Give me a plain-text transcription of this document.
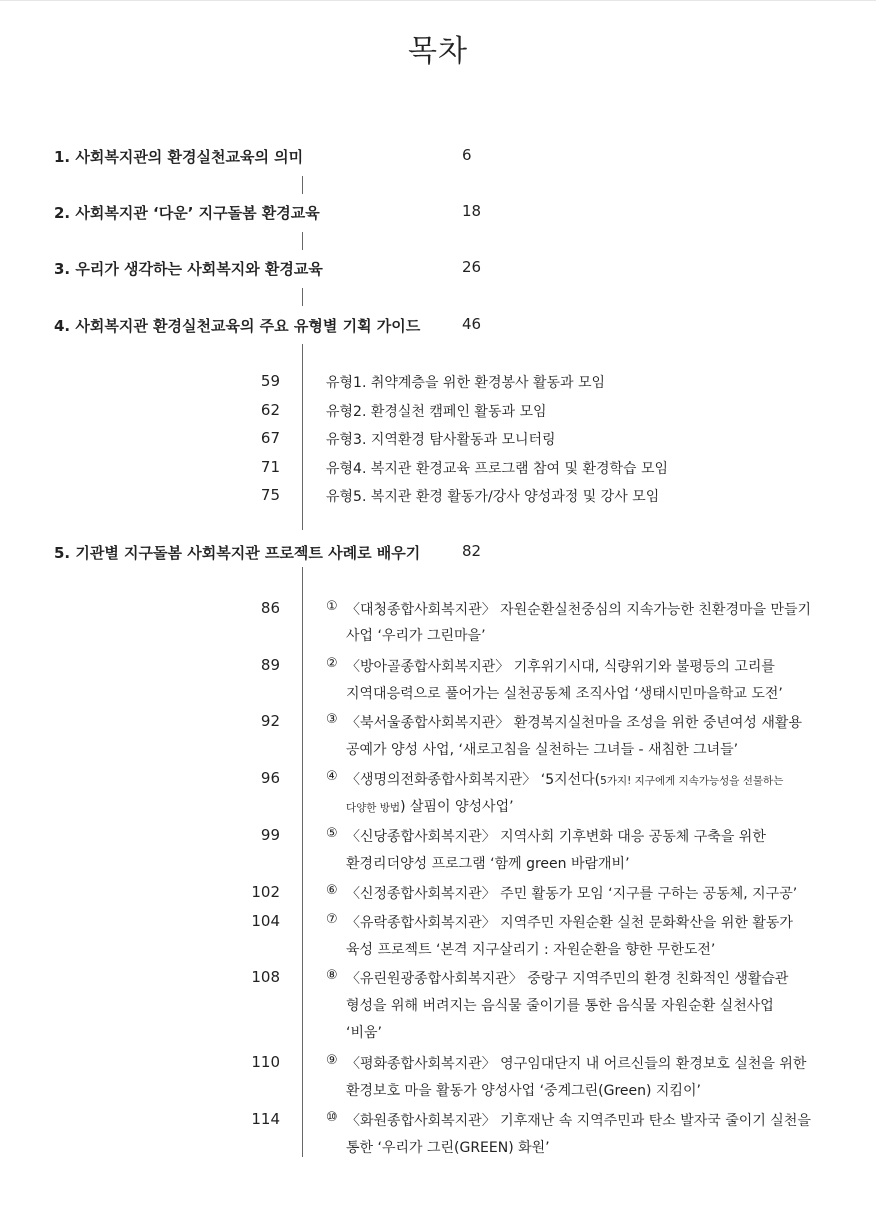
목차
1. 사회복지관의 환경실천교육의 의미	6
2. 사회복지관 ‘다운’ 지구돌봄 환경교육	18
3. 우리가 생각하는 사회복지와 환경교육	26
4. 사회복지관 환경실천교육의 주요 유형별 기획 가이드	46
59	유형1. 취약계층을 위한 환경봉사 활동과 모임
62	유형2. 환경실천 캠페인 활동과 모임
67	유형3. 지역환경 탐사활동과 모니터링
71	유형4. 복지관 환경교육 프로그램 참여 및 환경학습 모임
75	유형5. 복지관 환경 활동가/강사 양성과정 및 강사 모임
5. 기관별 지구돌봄 사회복지관 프로젝트 사례로 배우기	82
86	① 〈대청종합사회복지관〉 자원순환실천중심의 지속가능한 친환경마을 만들기
사업 ‘우리가 그린마을’
89	② 〈방아골종합사회복지관〉 기후위기시대, 식량위기와 불평등의 고리를
지역대응력으로 풀어가는 실천공동체 조직사업 ‘생태시민마을학교 도전’
92	③ 〈북서울종합사회복지관〉 환경복지실천마을 조성을 위한 중년여성 새활용
공예가 양성 사업, ‘새로고침을 실천하는 그녀들 - 새침한 그녀들’
96	④ 〈생명의전화종합사회복지관〉 ‘5지선다(5가지! 지구에게 지속가능성을 선물하는
다양한 방법) 살핌이 양성사업’
99	⑤ 〈신당종합사회복지관〉 지역사회 기후변화 대응 공동체 구축을 위한
환경리더양성 프로그램 ‘함께 green 바람개비’
102	⑥ 〈신정종합사회복지관〉 주민 활동가 모임 ‘지구를 구하는 공동체, 지구공’
104	⑦ 〈유락종합사회복지관〉 지역주민 자원순환 실천 문화확산을 위한 활동가
육성 프로젝트 ‘본격 지구살리기 : 자원순환을 향한 무한도전’
108	⑧ 〈유린원광종합사회복지관〉 중랑구 지역주민의 환경 친화적인 생활습관
형성을 위해 버려지는 음식물 줄이기를 통한 음식물 자원순환 실천사업
‘비움’
110	⑨ 〈평화종합사회복지관〉 영구임대단지 내 어르신들의 환경보호 실천을 위한
환경보호 마을 활동가 양성사업 ‘중계그린(Green) 지킴이’
114	⑩ 〈화원종합사회복지관〉 기후재난 속 지역주민과 탄소 발자국 줄이기 실천을
통한 ‘우리가 그린(GREEN) 화원’
